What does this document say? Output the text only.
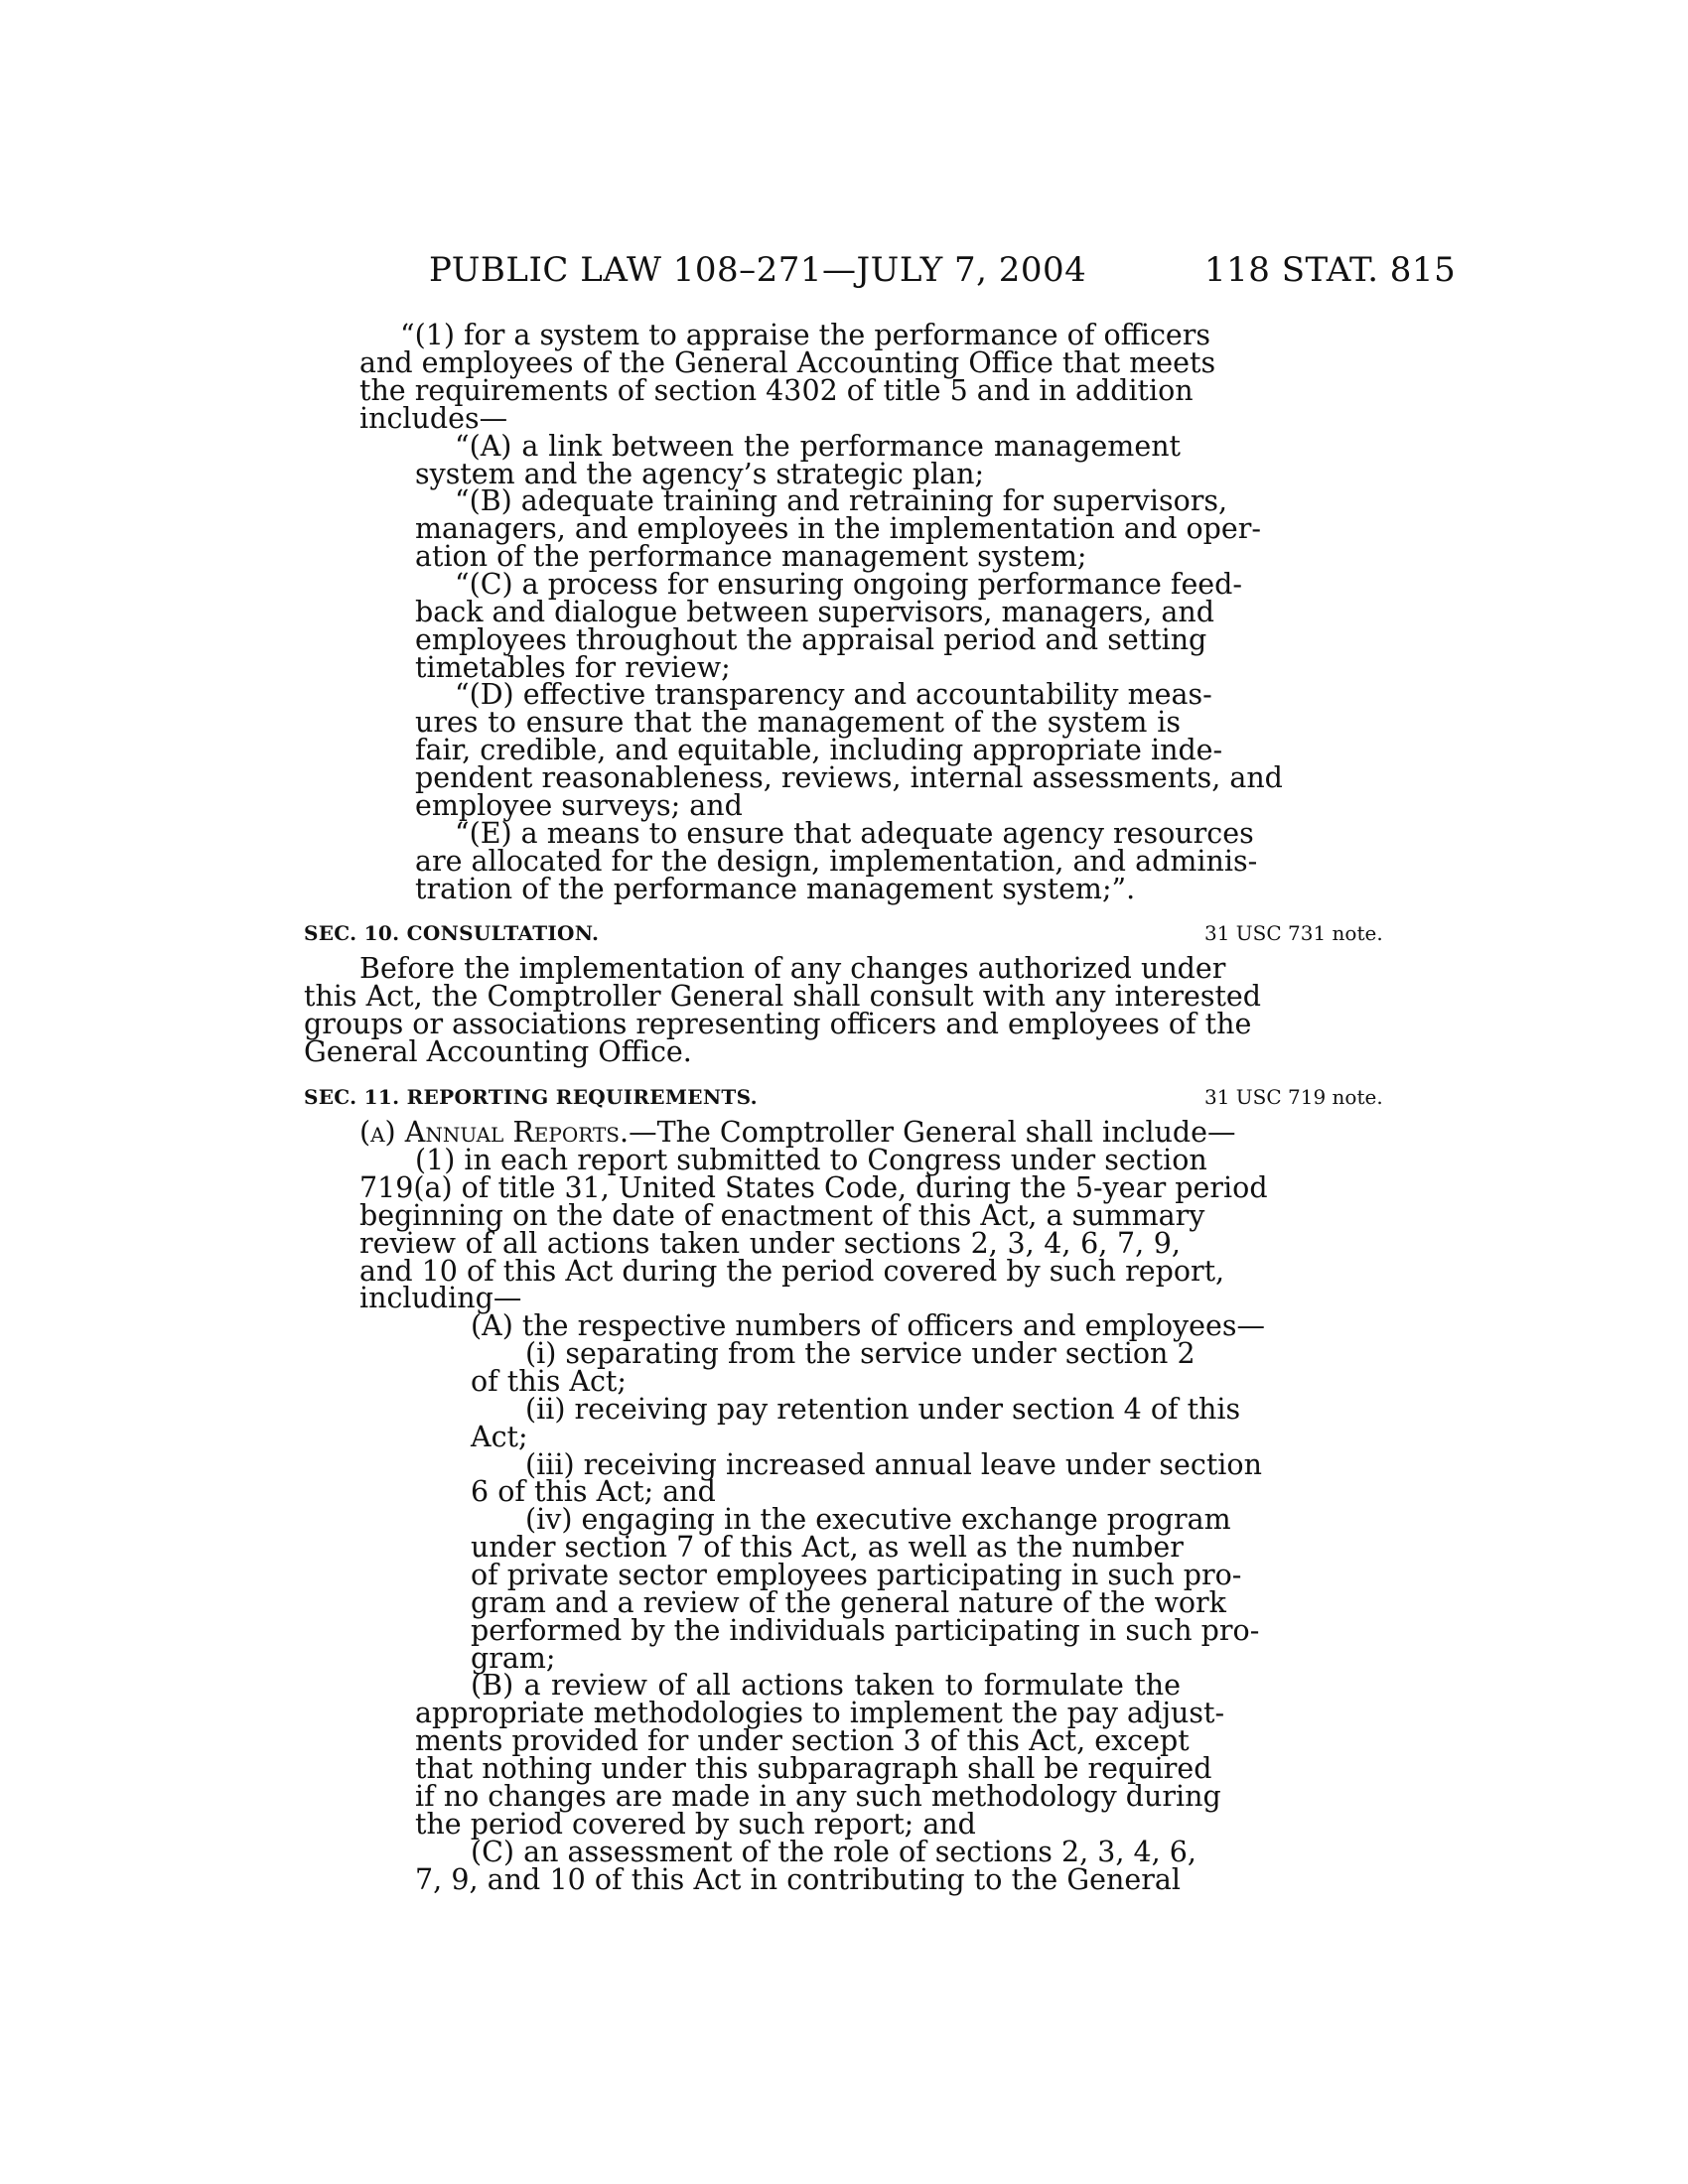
PUBLIC LAW 108–271—JULY 7, 2004	118 STAT. 815
“(1) for a system to appraise the performance of officers
and employees of the General Accounting Office that meets
the requirements of section 4302 of title 5 and in addition
includes—
“(A) a link between the performance management
system and the agency’s strategic plan;
“(B) adequate training and retraining for supervisors,
managers, and employees in the implementation and oper-
ation of the performance management system;
“(C) a process for ensuring ongoing performance feed-
back and dialogue between supervisors, managers, and
employees throughout the appraisal period and setting
timetables for review;
“(D) effective transparency and accountability meas-
ures to ensure that the management of the system is
fair, credible, and equitable, including appropriate inde-
pendent reasonableness, reviews, internal assessments, and
employee surveys; and
“(E) a means to ensure that adequate agency resources
are allocated for the design, implementation, and adminis-
tration of the performance management system;”.
SEC. 10. CONSULTATION.	31 USC 731 note.
Before the implementation of any changes authorized under
this Act, the Comptroller General shall consult with any interested
groups or associations representing officers and employees of the
General Accounting Office.
SEC. 11. REPORTING REQUIREMENTS.	31 USC 719 note.
(a) Annual Reports.—The Comptroller General shall include—
(1) in each report submitted to Congress under section
719(a) of title 31, United States Code, during the 5-year period
beginning on the date of enactment of this Act, a summary
review of all actions taken under sections 2, 3, 4, 6, 7, 9,
and 10 of this Act during the period covered by such report,
including—
(A) the respective numbers of officers and employees—
(i) separating from the service under section 2
of this Act;
(ii) receiving pay retention under section 4 of this
Act;
(iii) receiving increased annual leave under section
6 of this Act; and
(iv) engaging in the executive exchange program
under section 7 of this Act, as well as the number
of private sector employees participating in such pro-
gram and a review of the general nature of the work
performed by the individuals participating in such pro-
gram;
(B) a review of all actions taken to formulate the
appropriate methodologies to implement the pay adjust-
ments provided for under section 3 of this Act, except
that nothing under this subparagraph shall be required
if no changes are made in any such methodology during
the period covered by such report; and
(C) an assessment of the role of sections 2, 3, 4, 6,
7, 9, and 10 of this Act in contributing to the General
